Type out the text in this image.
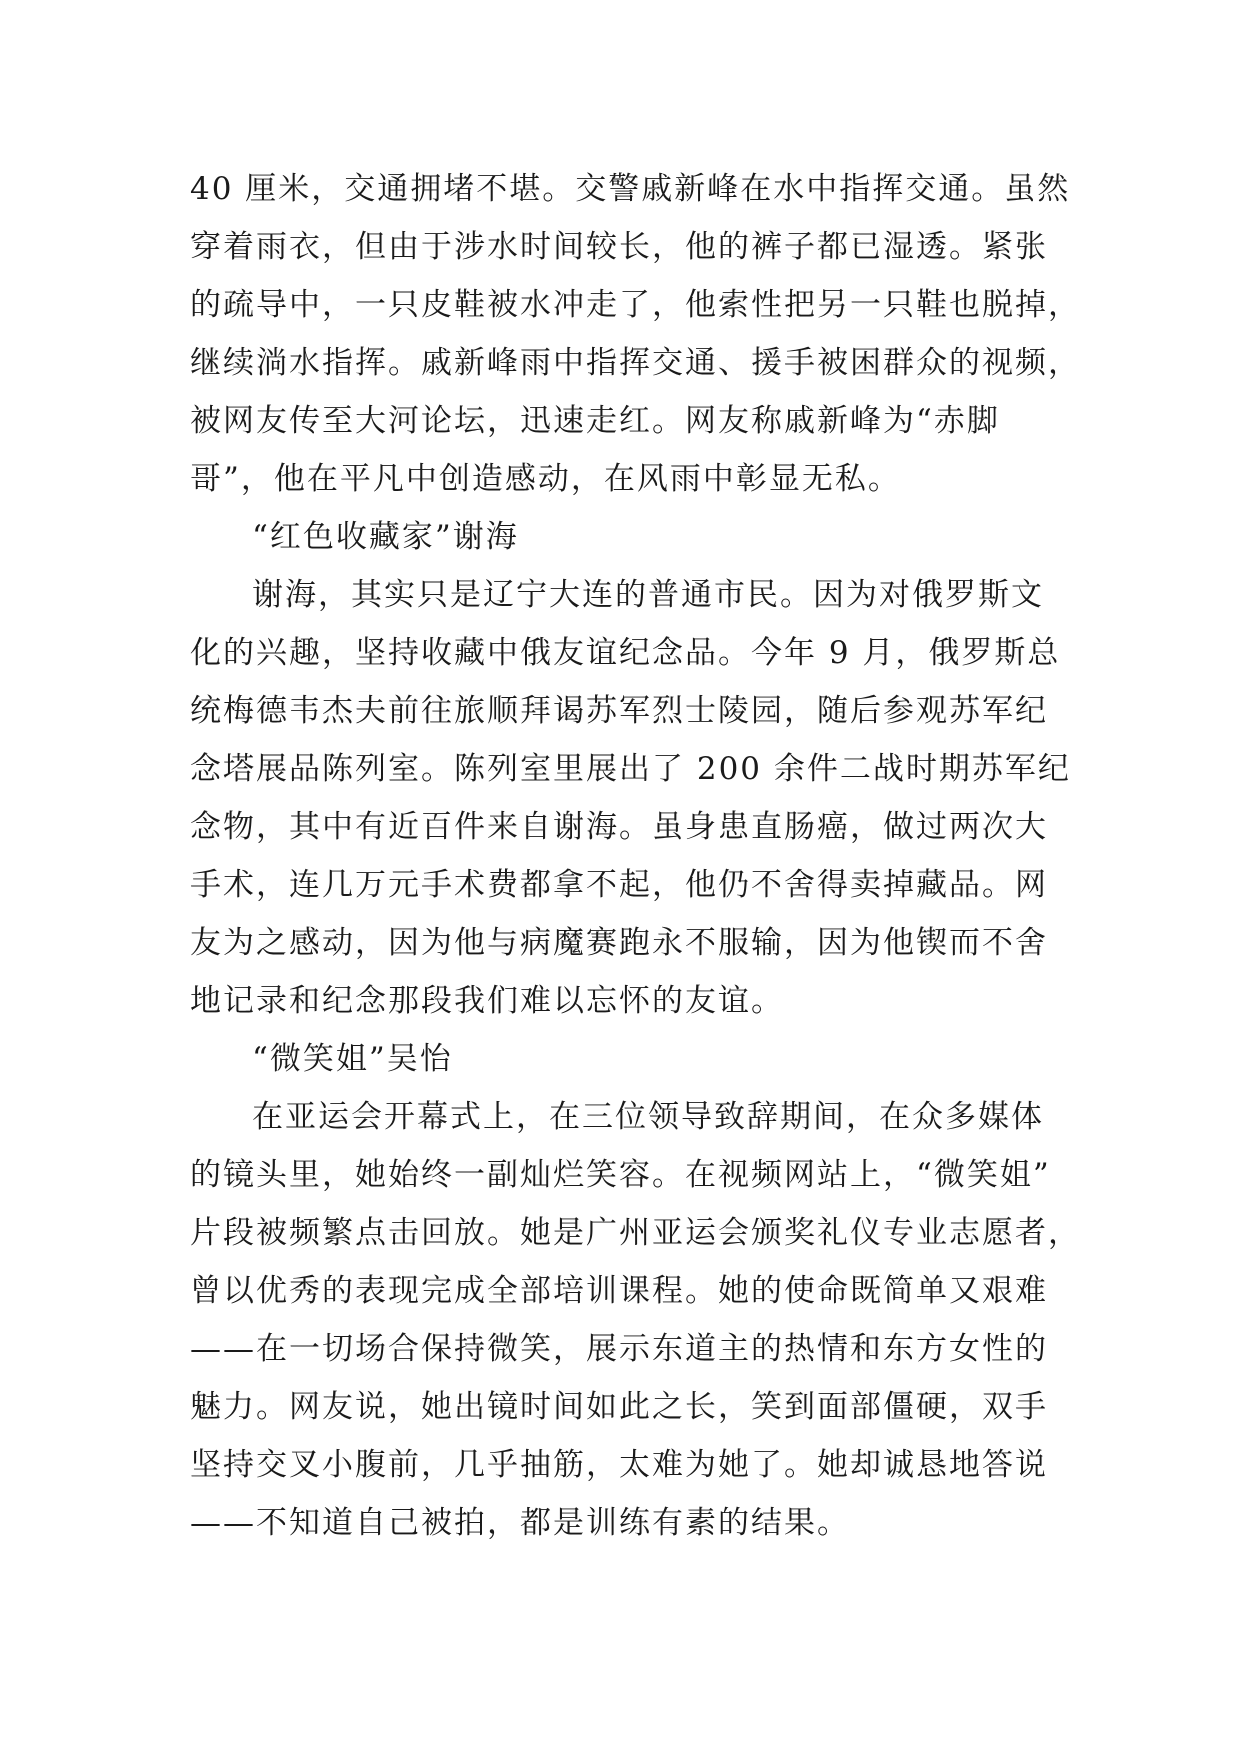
40 厘米，交通拥堵不堪。交警戚新峰在水中指挥交通。虽然
穿着雨衣，但由于涉水时间较长，他的裤子都已湿透。紧张
的疏导中，一只皮鞋被水冲走了，他索性把另一只鞋也脱掉，
继续淌水指挥。戚新峰雨中指挥交通、援手被困群众的视频，
被网友传至大河论坛，迅速走红。网友称戚新峰为“赤脚
哥”，他在平凡中创造感动，在风雨中彰显无私。
“红色收藏家”谢海
谢海，其实只是辽宁大连的普通市民。因为对俄罗斯文
化的兴趣，坚持收藏中俄友谊纪念品。今年 9 月，俄罗斯总
统梅德韦杰夫前往旅顺拜谒苏军烈士陵园，随后参观苏军纪
念塔展品陈列室。陈列室里展出了 200 余件二战时期苏军纪
念物，其中有近百件来自谢海。虽身患直肠癌，做过两次大
手术，连几万元手术费都拿不起，他仍不舍得卖掉藏品。网
友为之感动，因为他与病魔赛跑永不服输，因为他锲而不舍
地记录和纪念那段我们难以忘怀的友谊。
“微笑姐”吴怡
在亚运会开幕式上，在三位领导致辞期间，在众多媒体
的镜头里，她始终一副灿烂笑容。在视频网站上，“微笑姐”
片段被频繁点击回放。她是广州亚运会颁奖礼仪专业志愿者，
曾以优秀的表现完成全部培训课程。她的使命既简单又艰难
——在一切场合保持微笑，展示东道主的热情和东方女性的
魅力。网友说，她出镜时间如此之长，笑到面部僵硬，双手
坚持交叉小腹前，几乎抽筋，太难为她了。她却诚恳地答说
——不知道自己被拍，都是训练有素的结果。
